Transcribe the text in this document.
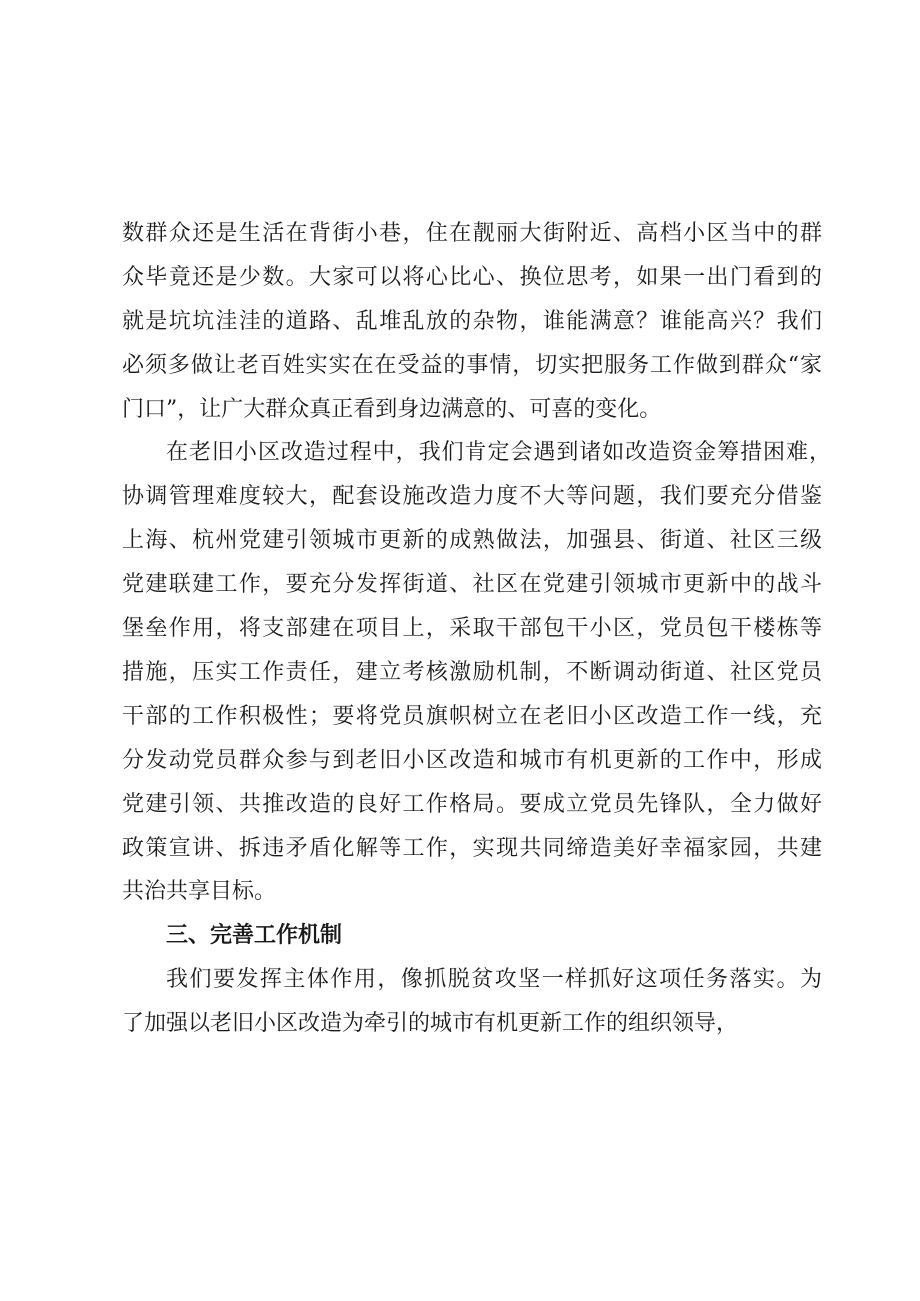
数群众还是生活在背街小巷，住在靓丽大街附近、高档小区当中的群
众毕竟还是少数。大家可以将心比心、换位思考，如果一出门看到的
就是坑坑洼洼的道路、乱堆乱放的杂物，谁能满意？谁能高兴？我们
必须多做让老百姓实实在在受益的事情，切实把服务工作做到群众“家
门口”，让广大群众真正看到身边满意的、可喜的变化。
在老旧小区改造过程中，我们肯定会遇到诸如改造资金筹措困难，
协调管理难度较大，配套设施改造力度不大等问题，我们要充分借鉴
上海、杭州党建引领城市更新的成熟做法，加强县、街道、社区三级
党建联建工作，要充分发挥街道、社区在党建引领城市更新中的战斗
堡垒作用，将支部建在项目上，采取干部包干小区，党员包干楼栋等
措施，压实工作责任，建立考核激励机制，不断调动街道、社区党员
干部的工作积极性；要将党员旗帜树立在老旧小区改造工作一线，充
分发动党员群众参与到老旧小区改造和城市有机更新的工作中，形成
党建引领、共推改造的良好工作格局。要成立党员先锋队，全力做好
政策宣讲、拆违矛盾化解等工作，实现共同缔造美好幸福家园，共建
共治共享目标。
三、完善工作机制
我们要发挥主体作用，像抓脱贫攻坚一样抓好这项任务落实。为
了加强以老旧小区改造为牵引的城市有机更新工作的组织领导，
